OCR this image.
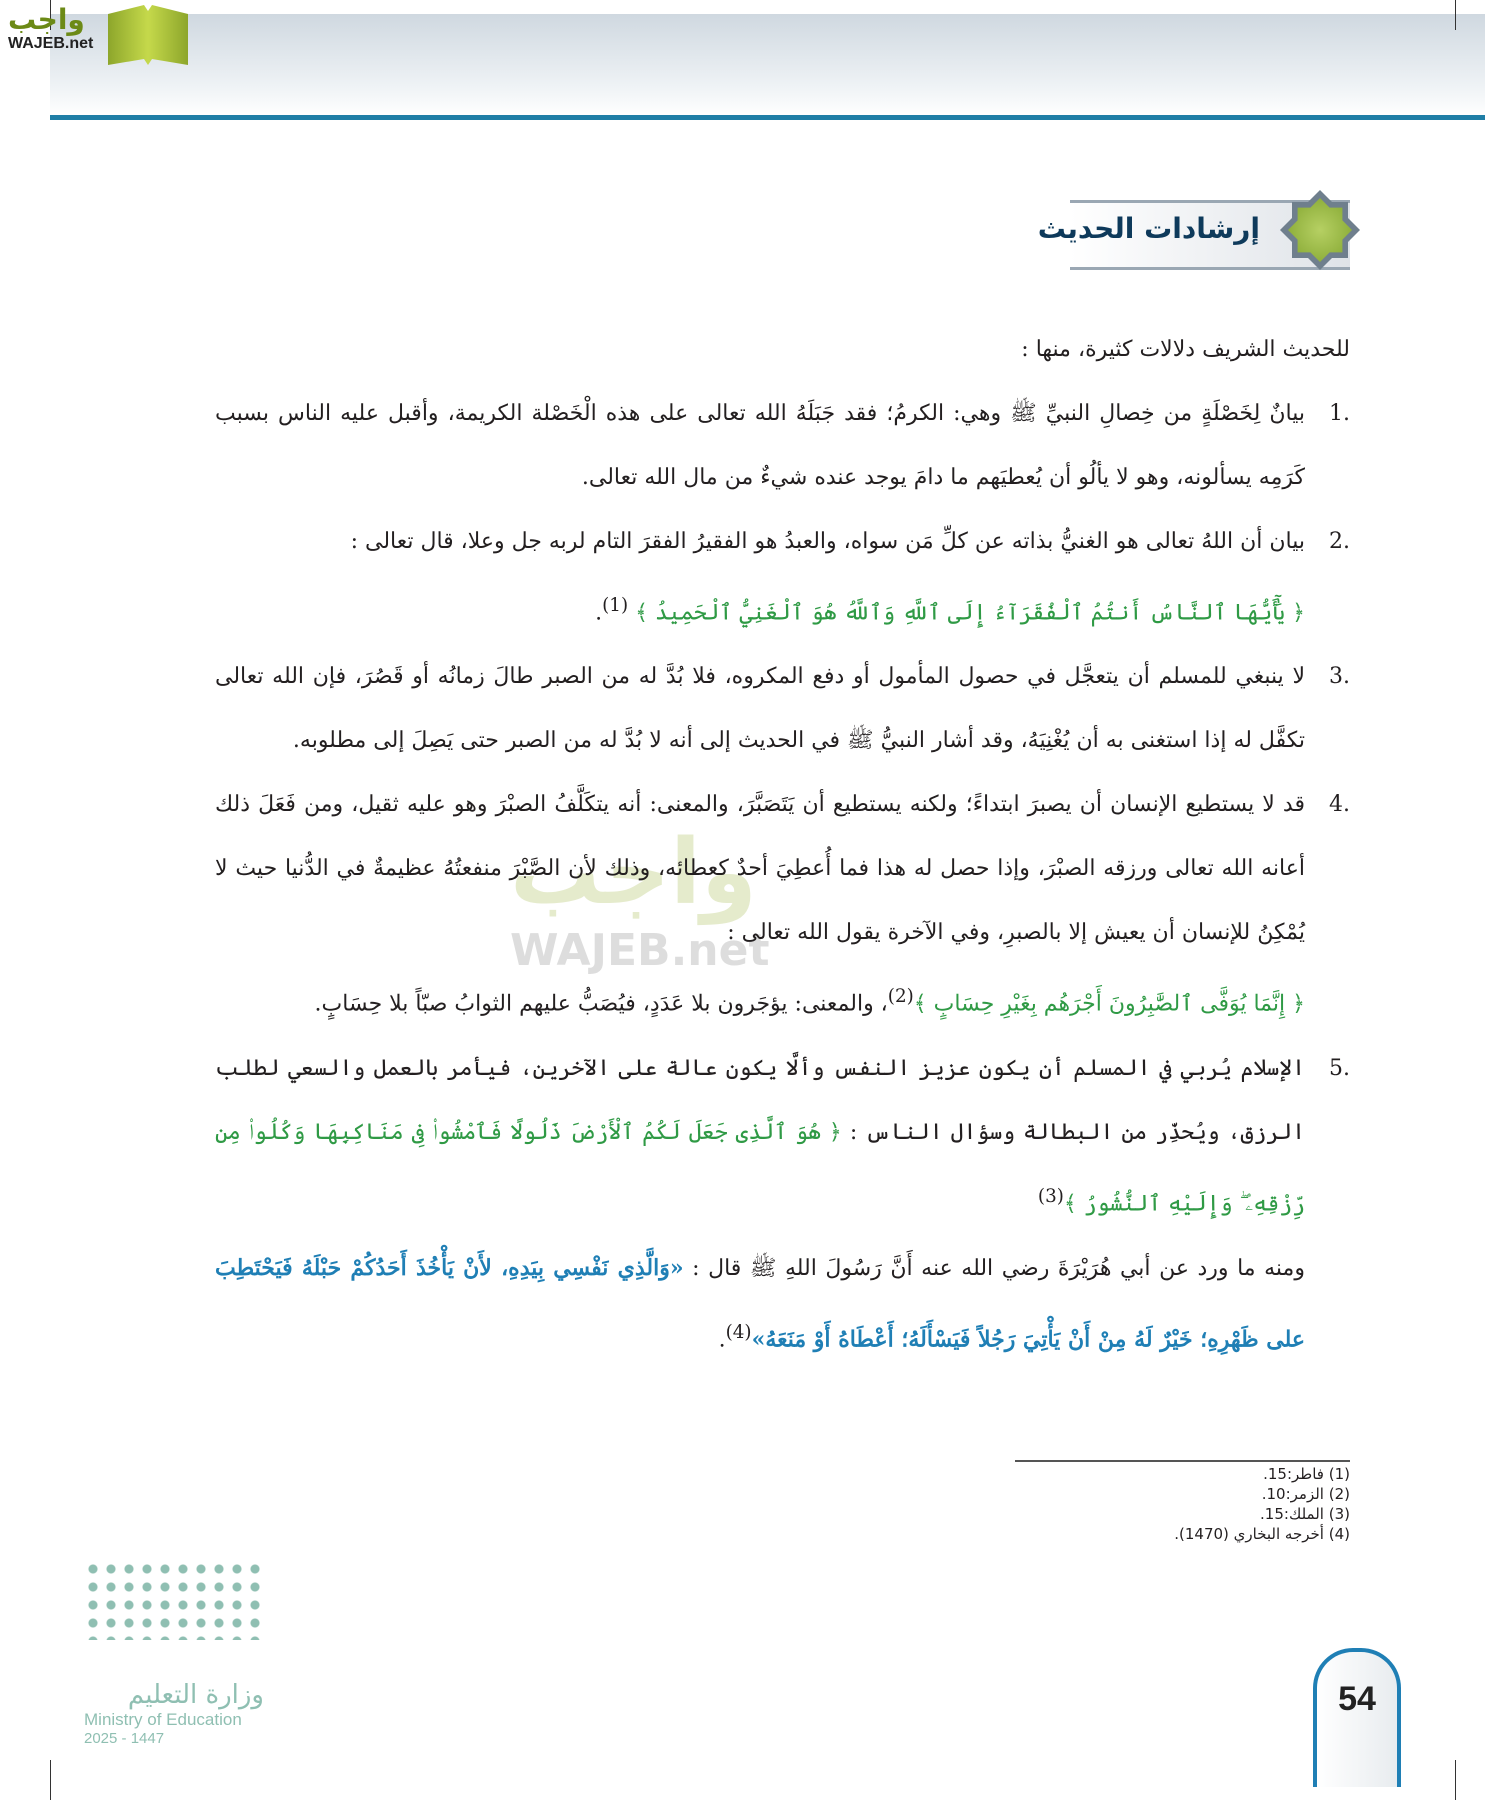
واجب
WAJEB.net
إرشادات الحديث
واجب
WAJEB.net
للحديث الشريف دلالات كثيرة، منها :
1.
بيانٌ لِخَصْلَةٍ من خِصالِ النبيِّ ﷺ وهي: الكرمُ؛ فقد جَبَلَهُ الله تعالى على هذه الْخَصْلة الكريمة، وأقبل عليه الناس بسبب كَرَمِه يسألونه، وهو لا يألُو أن يُعطيَهم ما دامَ يوجد عنده شيءٌ من مال الله تعالى.
2.
بيان أن اللهُ تعالى هو الغنيُّ بذاته عن كلِّ مَن سواه، والعبدُ هو الفقيرُ الفقرَ التام لربه جل وعلا، قال تعالى :
﴿ يَٰٓأَيُّهَا ٱلنَّاسُ أَنتُمُ ٱلْفُقَرَآءُ إِلَى ٱللَّهِ وَٱللَّهُ هُوَ ٱلْغَنِيُّ ٱلْحَمِيدُ ﴾ $^{(1)}$.
3.
لا ينبغي للمسلم أن يتعجَّل في حصول المأمول أو دفع المكروه، فلا بُدَّ له من الصبر طالَ زمانُه أو قَصُرَ، فإن الله تعالى تكفَّل له إذا استغنى به أن يُغْنِيَهُ، وقد أشار النبيُّ ﷺ في الحديث إلى أنه لا بُدَّ له من الصبر حتى يَصِلَ إلى مطلوبه.
4.
قد لا يستطيع الإنسان أن يصبرَ ابتداءً؛ ولكنه يستطيع أن يَتَصَبَّرَ، والمعنى: أنه يتكَلَّفُ الصبْرَ وهو عليه ثقيل، ومن فَعَلَ ذلك أعانه الله تعالى ورزقه الصبْرَ، وإذا حصل له هذا فما أُعطِيَ أحدٌ كعطائه، وذلك لأن الصَّبْرَ منفعتُهُ عظيمةٌ في الدُّنيا حيث لا يُمْكِنُ للإنسان أن يعيش إلا بالصبرِ، وفي الآخرة يقول الله تعالى :
﴿ إِنَّمَا يُوَفَّى ٱلصَّٰبِرُونَ أَجْرَهُم بِغَيْرِ حِسَابٍ ﴾$^{(2)}$، والمعنى: يؤجَرون بلا عَدَدٍ، فيُصَبُّ عليهم الثوابُ صبّاً بلا حِسَابٍ.
5.
الإسلام يُربي في المسلم أن يكون عزيز النفس وألَّا يكون عالة على الآخرين، فيأمر بالعمل والسعي لطلب الرزق، ويُحذِّر من البطالة وسؤال الناس : ﴿ هُوَ ٱلَّذِى جَعَلَ لَكُمُ ٱلْأَرْضَ ذَلُولًا فَٱمْشُوا۟ فِى مَنَاكِبِهَا وَكُلُوا۟ مِن رِّزْقِهِۦ ۖ وَإِلَيْهِ ٱلنُّشُورُ ﴾$^{(3)}$
ومنه ما ورد عن أبي هُرَيْرَةَ رضي الله عنه أَنَّ رَسُولَ اللهِ ﷺ قال : «وَالَّذِي نَفْسِي بِيَدِهِ، لأَنْ يَأْخُذَ أَحَدُكُمْ حَبْلَهُ فَيَحْتَطِبَ على ظَهْرِهِ؛ خَيْرٌ لَهُ مِنْ أَنْ يَأْتِيَ رَجُلاً فَيَسْأَلَهُ؛ أَعْطَاهُ أَوْ مَنَعَهُ»$^{(4)}$.
(1) فاطر:15.
(2) الزمر:10.
(3) الملك:15.
(4) أخرجه البخاري (1470).
وزارة التعليم
Ministry of Education
2025 - 1447
54
